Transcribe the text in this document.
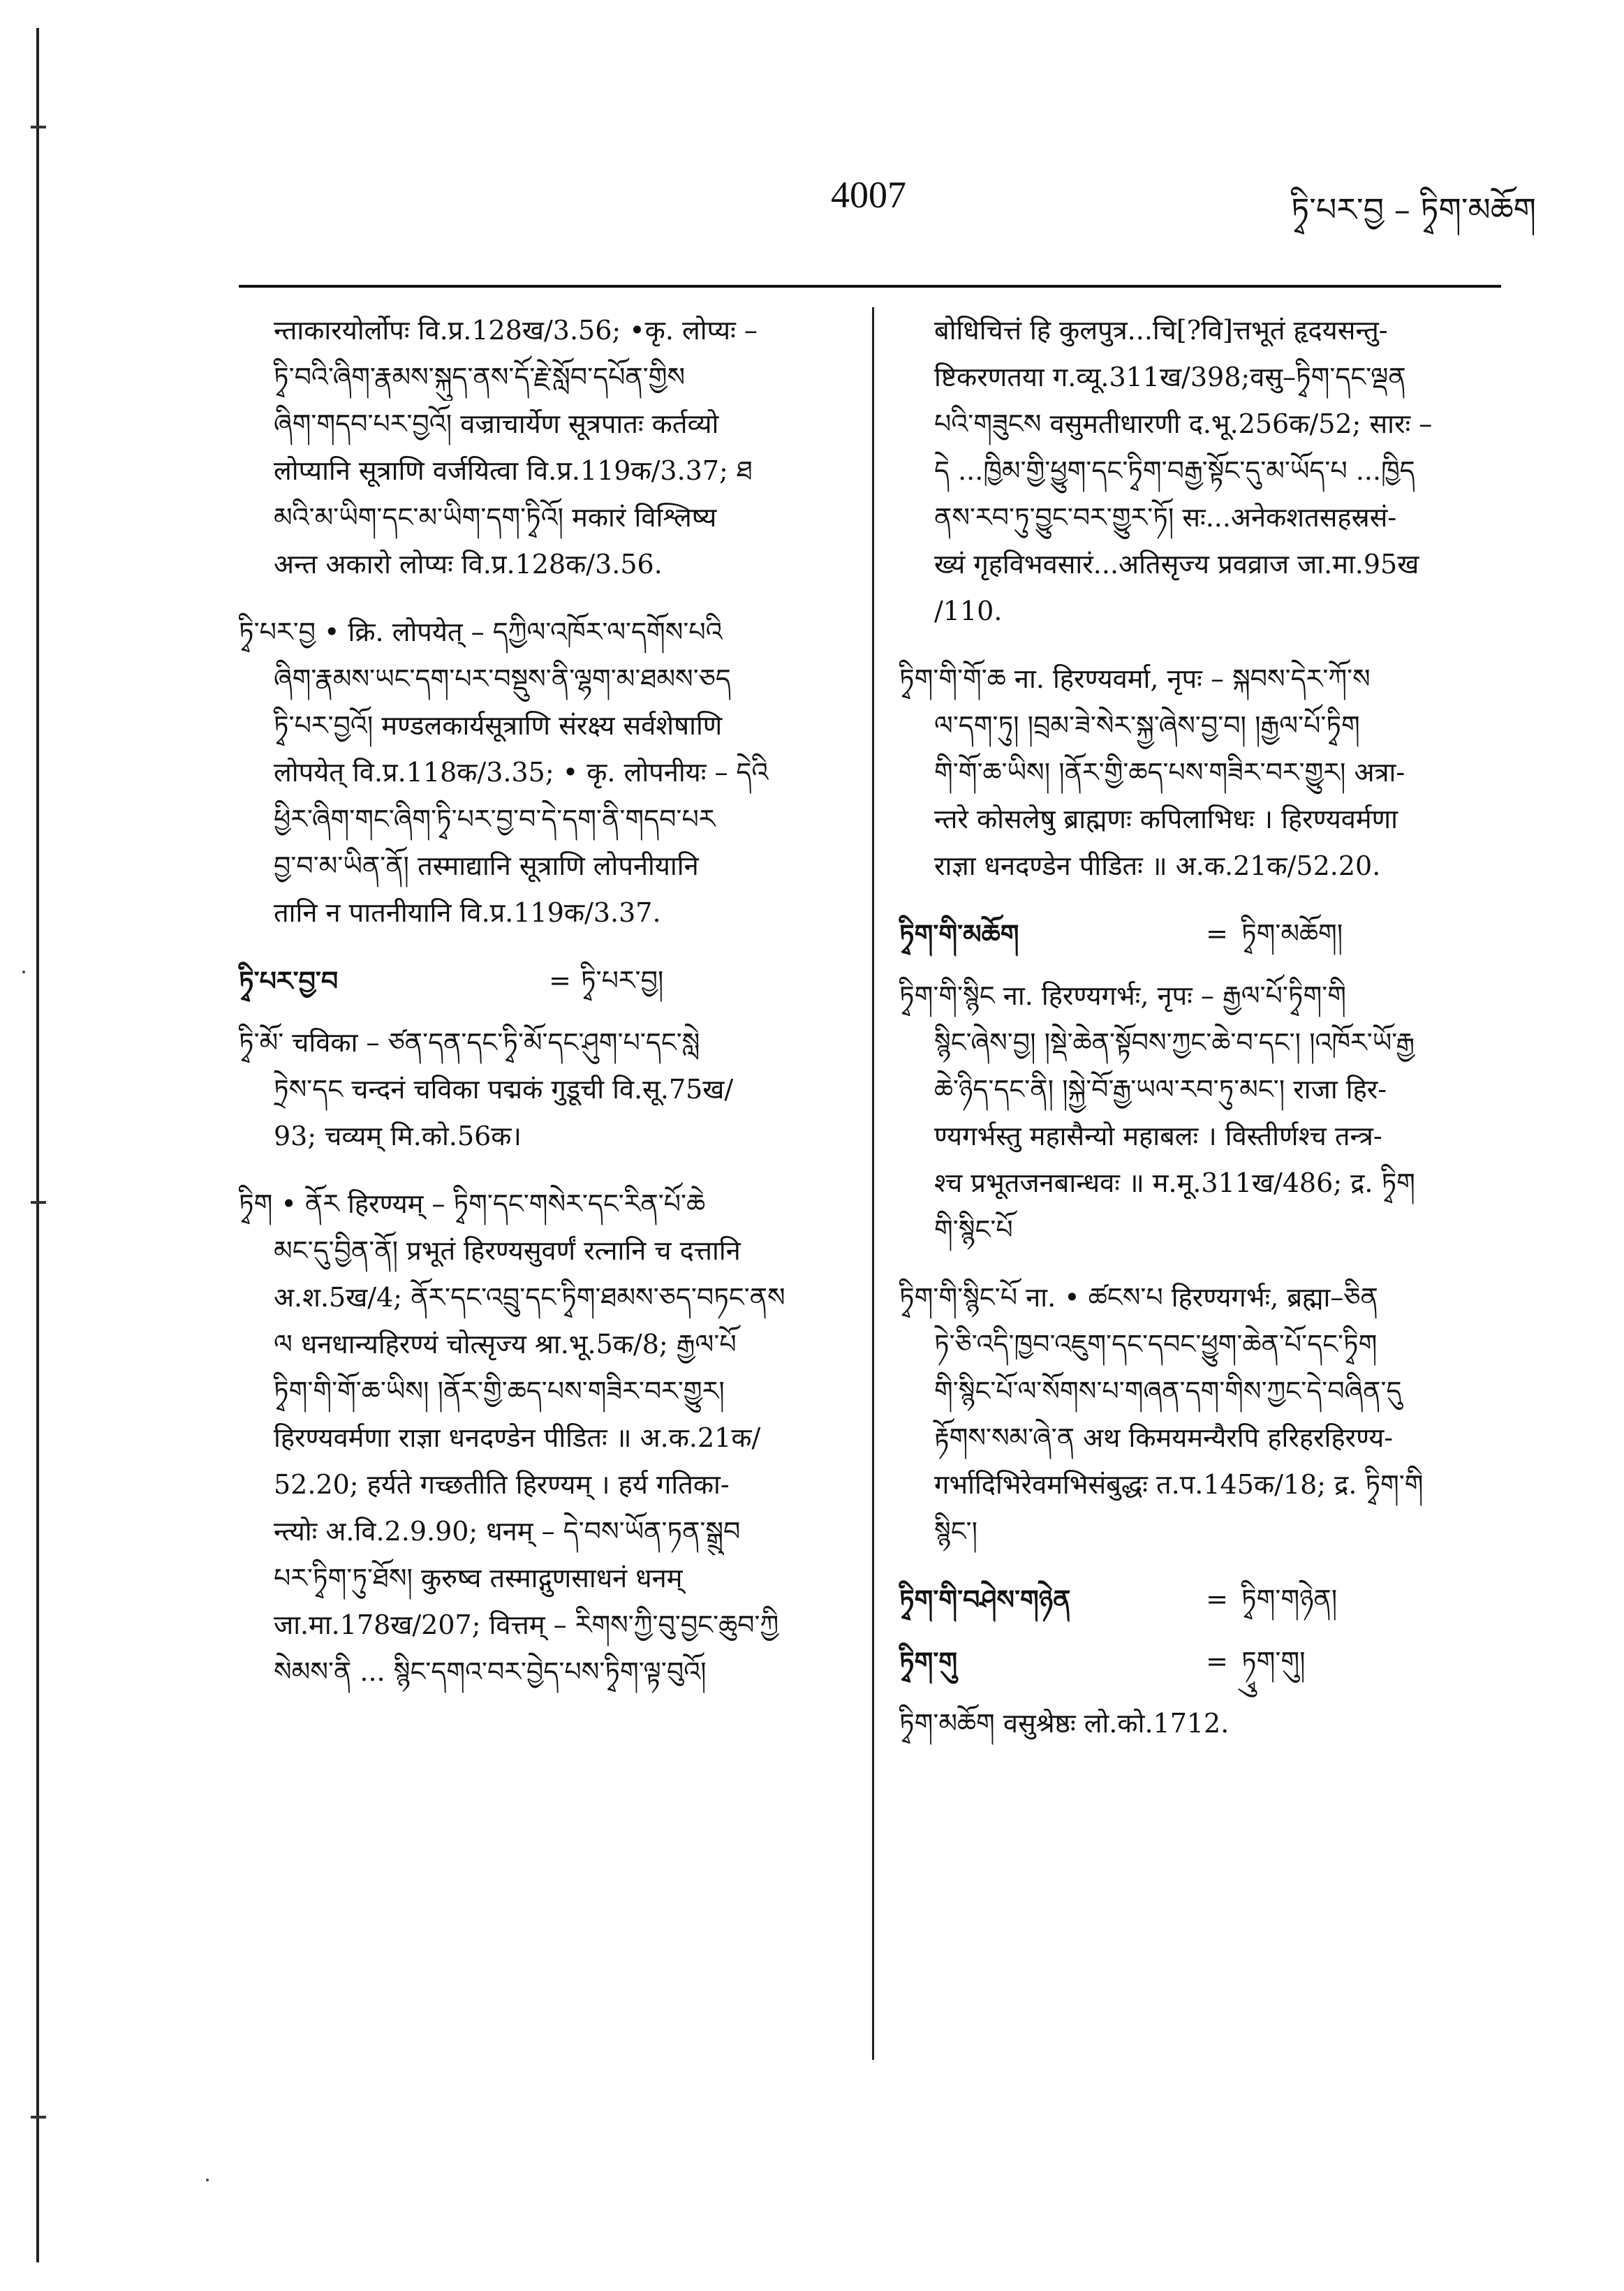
4007	ཏྭི་པར་བྱ – ཏྭིག་མཆོག
न्ताकारयोर्लोपः वि.प्र.128ख/3.56; •कृ. लोप्यः –
ཏྭི་བའི་ཞིག་རྣམས་སྐུད་ནས་དོ་རྗེ་སློབ་དཔོན་གྱིས
ཞིག་གདབ་པར་བྱའོ། वज्राचार्येण सूत्रपातः कर्तव्यो
लोप्यानि सूत्राणि वर्जयित्वा वि.प्र.119क/3.37; ཐ
མའི་མ་ཡིག་དང་མ་ཡིག་དག་ཏྭིའོ། मकारं विश्लिष्य
अन्त अकारो लोप्यः वि.प्र.128क/3.56.
ཏྭི་པར་བྱ • क्रि. लोपयेत् – དཀྱིལ་འཁོར་ལ་དགོས་པའི
ཞིག་རྣམས་ཡང་དག་པར་བསྡུས་ནི་ལྷག་མ་ཐམས་ཅད
ཏྭི་པར་བྱའོ། मण्डलकार्यसूत्राणि संरक्ष्य सर्वशेषाणि
लोपयेत् वि.प्र.118क/3.35; • कृ. लोपनीयः – དེའི
ཕྱིར་ཞིག་གང་ཞིག་ཏྭི་པར་བྱ་བ་དེ་དག་ནི་གདབ་པར
བྱ་བ་མ་ཡིན་ནོ། तस्माद्यानि सूत्राणि लोपनीयानि
तानि न पातनीयानि वि.प्र.119क/3.37.
ཏྭི་པར་བྱ་བ	= ཏྭི་པར་བྱ།
ཏྭི་མོ་ चविका – ཙན་དན་དང་ཏྭི་མོ་དང་ཤུག་པ་དང་སླེ
ཏྲེས་དང चन्दनं चविका पद्मकं गुडूची वि.सू.75ख/
93; चव्यम् मि.को.56क।
ཏྭིག • ནོར हिरण्यम् – ཏྭིག་དང་གསེར་དང་རིན་པོ་ཆེ
མང་དུ་བྱིན་ནོ། प्रभूतं हिरण्यसुवर्णं रत्नानि च दत्तानि
अ.श.5ख/4; ནོར་དང་འབྲུ་དང་ཏྭིག་ཐམས་ཅད་བཏང་ནས
ལ धनधान्यहिरण्यं चोत्सृज्य श्रा.भू.5क/8; རྒྱལ་པོ
ཏྭིག་གི་གོ་ཆ་ཡིས། །ནོར་གྱི་ཆད་པས་གཟིར་བར་གྱུར།
हिरण्यवर्मणा राज्ञा धनदण्डेन पीडितः ॥ अ.क.21क/
52.20; हर्यते गच्छतीति हिरण्यम् । हर्य गतिका-
न्त्योः अ.वि.2.9.90; धनम् – དེ་བས་ཡོན་ཏན་སྒྲུབ
པར་ཏྭིག་ཏུ་ཐོས། कुरुष्व तस्माद्गुणसाधनं धनम्
जा.मा.178ख/207; वित्तम् – རིགས་ཀྱི་བུ་བྱང་ཆུབ་ཀྱི
སེམས་ནི ... སྙིང་དགའ་བར་བྱེད་པས་ཏྭིག་ལྟ་བུའོ།
बोधिचित्तं हि कुलपुत्र...चि[?वि]त्तभूतं हृदयसन्तु-
ष्टिकरणतया ग.व्यू.311ख/398;वसु–ཏྭིག་དང་ལྡན
པའི་གཟུངས वसुमतीधारणी द.भू.256क/52; सारः –
དེ ...ཁྱིམ་གྱི་ཕྱུག་དང་ཏྭིག་བརྒྱ་སྟོང་དུ་མ་ཡོད་པ ...ཁྱིད
ནས་རབ་ཏུ་བྱུང་བར་གྱུར་ཏོ། सः...अनेकशतसहस्रसं-
ख्यं गृहविभवसारं...अतिसृज्य प्रवव्राज जा.मा.95ख
/110.
ཏྭིག་གི་གོ་ཆ ना. हिरण्यवर्मा, नृपः – སྐབས་དེར་ཀོ་ས
ལ་དག་ཏུ། །བྲམ་ཟེ་སེར་སྐྱ་ཞེས་བྱ་བ། །རྒྱལ་པོ་ཏྭིག
གི་གོ་ཆ་ཡིས། །ནོར་གྱི་ཆད་པས་གཟིར་བར་གྱུར། अत्रा-
न्तरे कोसलेषु ब्राह्मणः कपिलाभिधः । हिरण्यवर्मणा
राज्ञा धनदण्डेन पीडितः ॥ अ.क.21क/52.20.
ཏྭིག་གི་མཆོག	= ཏྭིག་མཆོག།
ཏྭིག་གི་སྙིང ना. हिरण्यगर्भः, नृपः – རྒྱལ་པོ་ཏྭིག་གི
སྙིང་ཞེས་བྱ། །སྡེ་ཆེན་སྟོབས་ཀྱང་ཆེ་བ་དང་། །འཁོར་ཡོ་རྒྱ
ཆེ་ཉིད་དང་ནི། །སྐྱེ་བོ་རྒྱ་ཡལ་རབ་ཏུ་མང་། राजा हिर-
ण्यगर्भस्तु महासैन्यो महाबलः । विस्तीर्णश्च तन्त्र-
श्च प्रभूतजनबान्धवः ॥ म.मू.311ख/486; द्र. ཏྭིག
གི་སྙིང་པོ
ཏྭིག་གི་སྙིང་པོ ना. • ཚངས་པ हिरण्यगर्भः, ब्रह्मा–ཅིན
ཏེ་ཅི་འདི་ཁྱབ་འཇུག་དང་དབང་ཕྱུག་ཆེན་པོ་དང་ཏྭིག
གི་སྙིང་པོ་ལ་སོགས་པ་གཞན་དག་གིས་ཀྱང་དེ་བཞིན་དུ
རྟོགས་སམ་ཞེ་ན अथ किमयमन्यैरपि हरिहरहिरण्य-
गर्भादिभिरेवमभिसंबुद्धः त.प.145क/18; द्र. ཏྭིག་གི
སྙིང་།
ཏྭིག་གི་བཤེས་གཉེན	= ཏྭིག་གཉེན།
ཏྭིག་གུ	= ཏྭུག་གུ།
ཏྭིག་མཆོག वसुश्रेष्ठः लो.को.1712.
